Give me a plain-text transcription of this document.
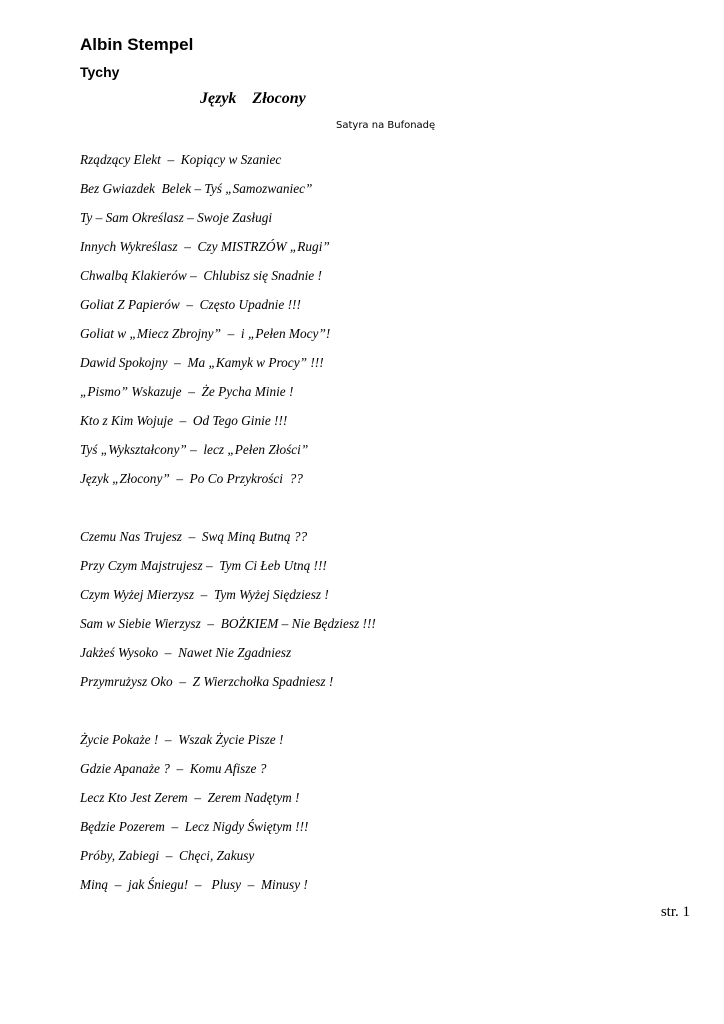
Albin Stempel
Tychy
Język    Złocony
Satyra na Bufonadę
Rządzący Elekt  –  Kopiący w Szaniec
Bez Gwiazdek  Belek – Tyś „Samozwaniec”
Ty – Sam Określasz – Swoje Zasługi
Innych Wykreślasz  –  Czy MISTRZÓW „Rugi”
Chwalbą Klakierów –  Chlubisz się Snadnie !
Goliat Z Papierów  –  Często Upadnie !!!
Goliat w „Miecz Zbrojny”  –  i „Pełen Mocy”!
Dawid Spokojny  –  Ma „Kamyk w Procy” !!!
„Pismo” Wskazuje  –  Że Pycha Minie !
Kto z Kim Wojuje  –  Od Tego Ginie !!!
Tyś „Wykształcony” –  lecz „Pełen Złości”
Język „Złocony”  –  Po Co Przykrości  ??
Czemu Nas Trujesz  –  Swą Miną Butną ??
Przy Czym Majstrujesz –  Tym Ci Łeb Utną !!!
Czym Wyżej Mierzysz  –  Tym Wyżej Siędziesz !
Sam w Siebie Wierzysz  –  BOŻKIEM – Nie Będziesz !!!
Jakżeś Wysoko  –  Nawet Nie Zgadniesz
Przymrużysz Oko  –  Z Wierzchołka Spadniesz !
Życie Pokaże !  –  Wszak Życie Pisze !
Gdzie Apanaże ?  –  Komu Afisze ?
Lecz Kto Jest Zerem  –  Zerem Nadętym !
Będzie Pozerem  –  Lecz Nigdy Świętym !!!
Próby, Zabiegi  –  Chęci, Zakusy
Miną  –  jak Śniegu!  –   Plusy  –  Minusy !
str. 1
